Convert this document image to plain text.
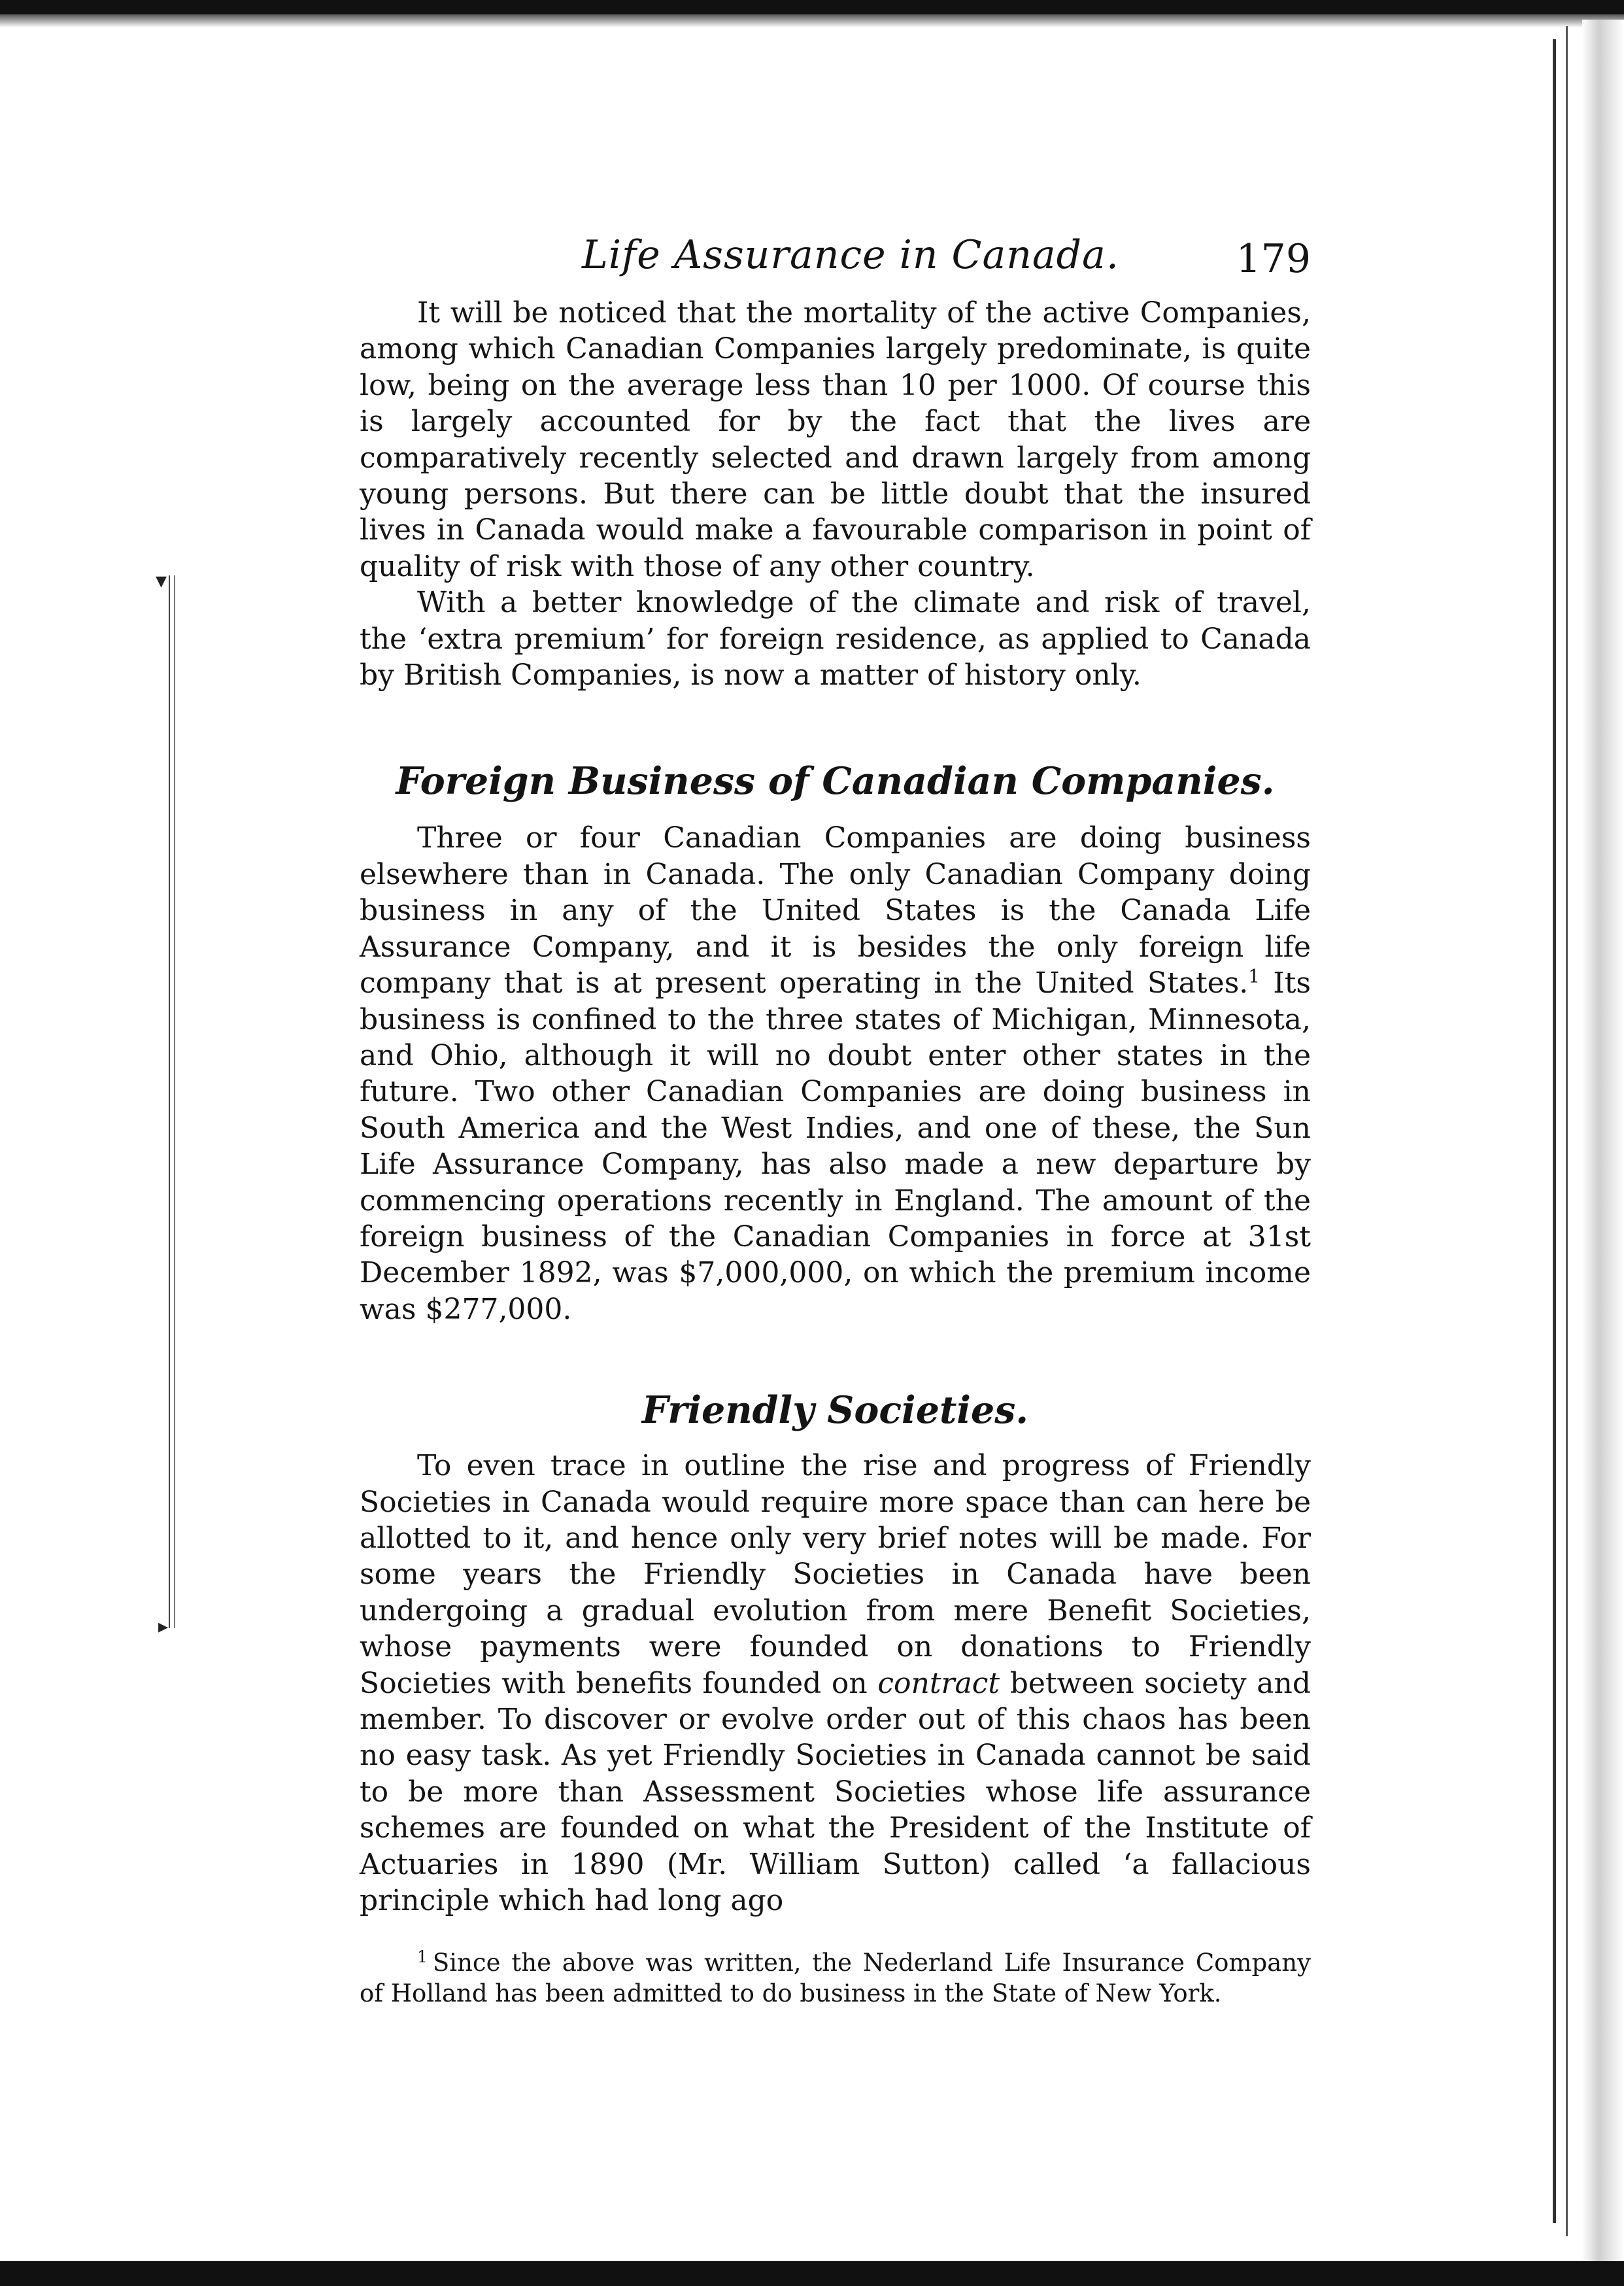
▾
▸
Life Assurance in Canada.	179

It will be noticed that the mortality of the active Companies, among which Canadian Companies largely predominate, is quite low, being on the average less than 10 per 1000. Of course this is largely accounted for by the fact that the lives are comparatively recently selected and drawn largely from among young persons. But there can be little doubt that the insured lives in Canada would make a favourable comparison in point of quality of risk with those of any other country.

With a better knowledge of the climate and risk of travel, the ‘extra premium’ for foreign residence, as applied to Canada by British Companies, is now a matter of history only.

Foreign Business of Canadian Companies.

Three or four Canadian Companies are doing business elsewhere than in Canada. The only Canadian Company doing business in any of the United States is the Canada Life Assurance Company, and it is besides the only foreign life company that is at present operating in the United States.$^1$ Its business is confined to the three states of Michigan, Minnesota, and Ohio, although it will no doubt enter other states in the future. Two other Canadian Companies are doing business in South America and the West Indies, and one of these, the Sun Life Assurance Company, has also made a new departure by commencing operations recently in England. The amount of the foreign business of the Canadian Companies in force at 31st December 1892, was $7,000,000, on which the premium income was $277,000.

Friendly Societies.

To even trace in outline the rise and progress of Friendly Societies in Canada would require more space than can here be allotted to it, and hence only very brief notes will be made. For some years the Friendly Societies in Canada have been undergoing a gradual evolution from mere Benefit Societies, whose payments were founded on donations to Friendly Societies with benefits founded on contract between society and member. To discover or evolve order out of this chaos has been no easy task. As yet Friendly Societies in Canada cannot be said to be more than Assessment Societies whose life assurance schemes are founded on what the President of the Institute of Actuaries in 1890 (Mr. William Sutton) called ‘a fallacious principle which had long ago

$^1$ Since the above was written, the Nederland Life Insurance Company of Holland has been admitted to do business in the State of New York.
